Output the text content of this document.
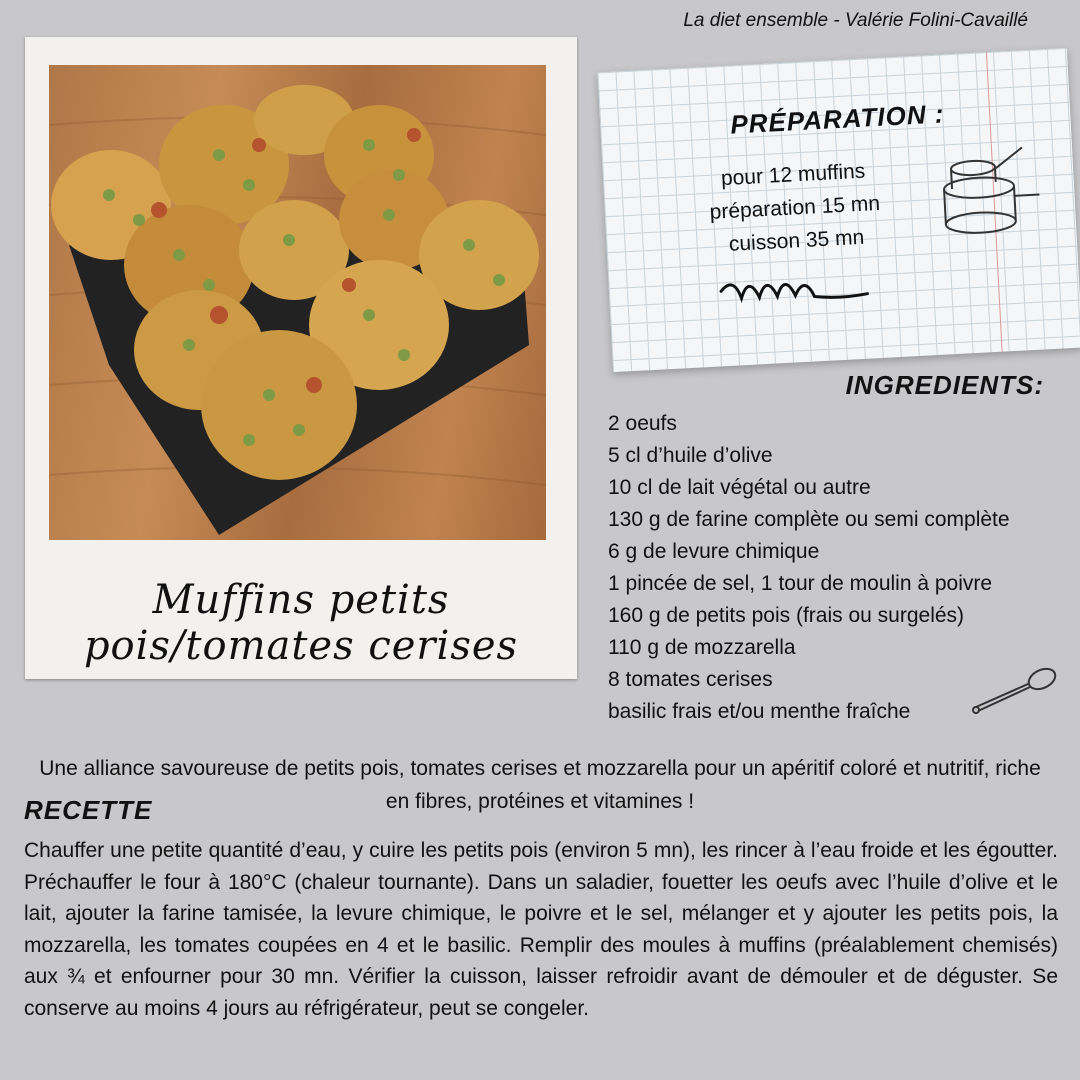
La diet ensemble - Valérie Folini-Cavaillé
Muffins petits pois/tomates cerises
PRÉPARATION :
pour 12 muffins
préparation 15 mn
cuisson 35 mn
INGREDIENTS:
2 oeufs
5 cl d’huile d’olive
10 cl de lait végétal ou autre
130 g de farine complète ou semi complète
6 g de levure chimique
1 pincée de sel, 1 tour de moulin à poivre
160 g de petits pois (frais ou surgelés)
110 g de mozzarella
8 tomates cerises
basilic frais et/ou menthe fraîche
Une alliance savoureuse de petits pois, tomates cerises et mozzarella pour un apéritif coloré et nutritif, riche en fibres, protéines et vitamines !
RECETTE

Chauffer une petite quantité d’eau, y cuire les petits pois (environ 5 mn), les rincer à l’eau froide et les égoutter. Préchauffer le four à 180°C (chaleur tournante). Dans un saladier, fouetter les oeufs avec l’huile d’olive et le lait, ajouter la farine tamisée, la levure chimique, le poivre et le sel, mélanger et y ajouter les petits pois, la mozzarella, les tomates coupées en 4 et le basilic. Remplir des moules à muffins (préalablement chemisés) aux ¾ et enfourner pour 30 mn. Vérifier la cuisson, laisser refroidir avant de démouler et de déguster. Se conserve au moins 4 jours au réfrigérateur, peut se congeler.
